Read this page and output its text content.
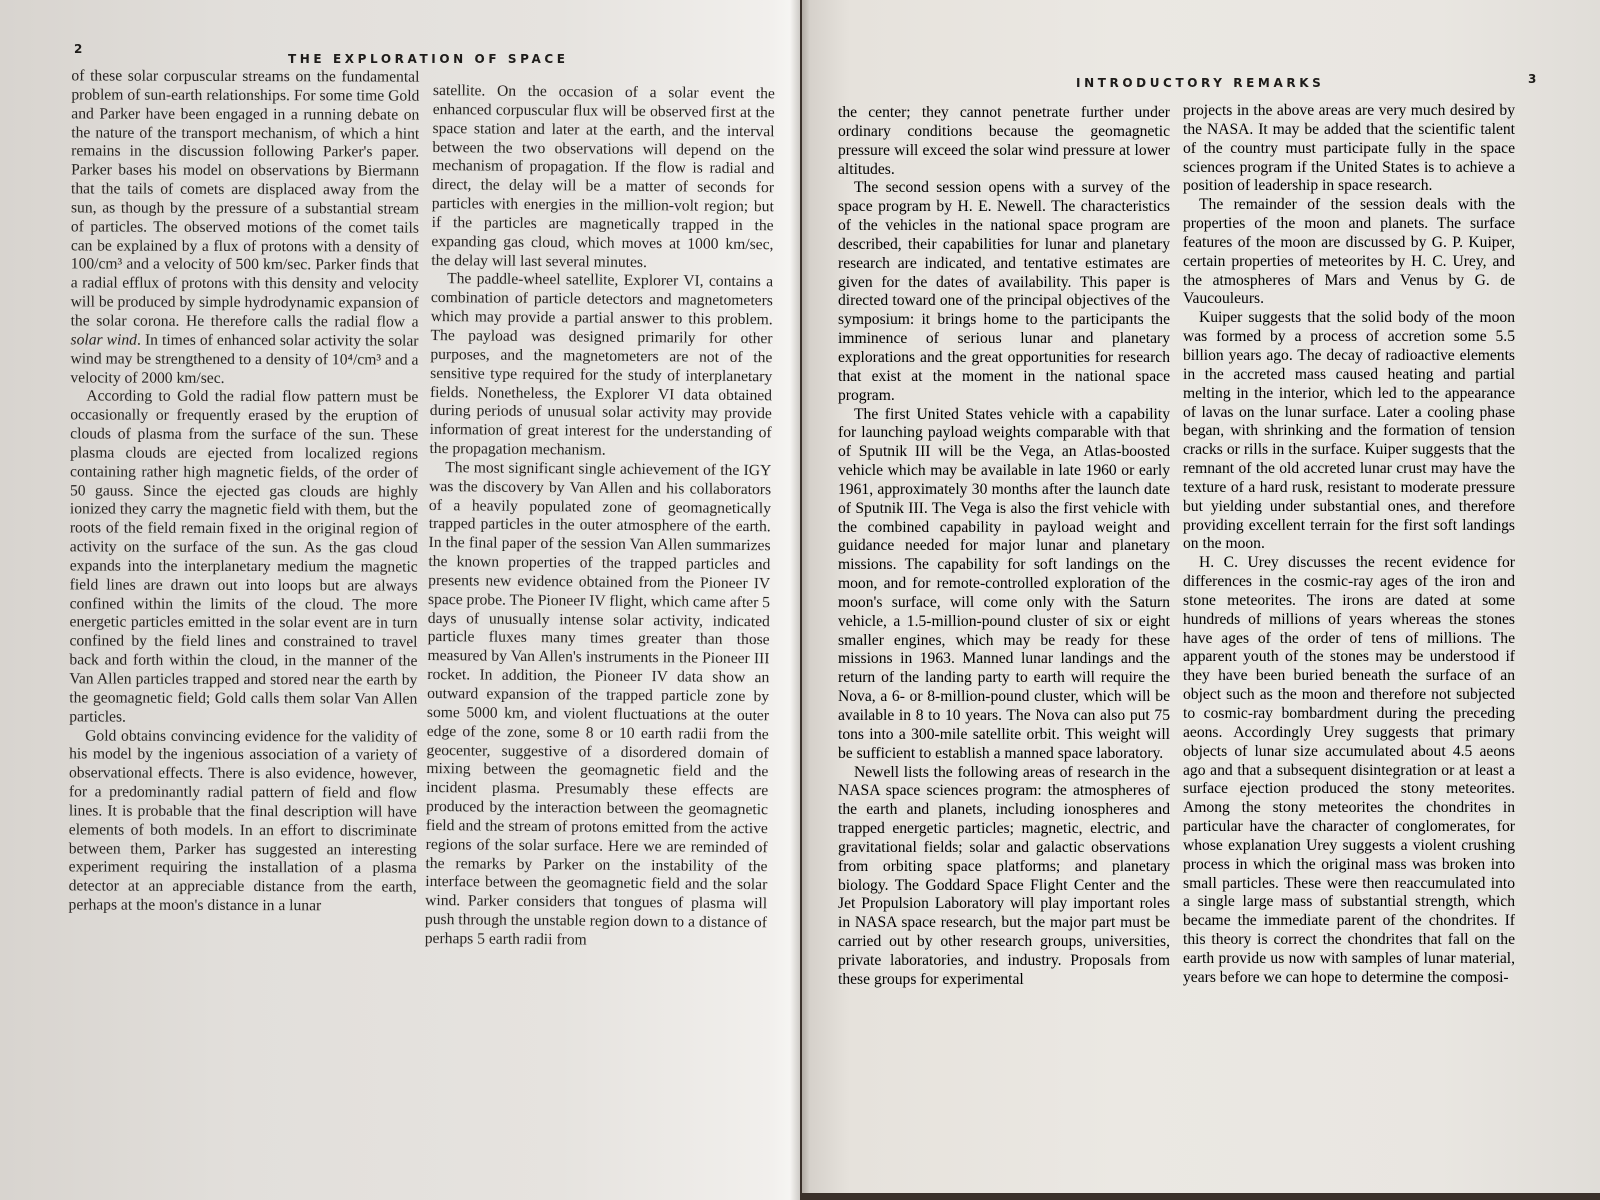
2
THE EXPLORATION OF SPACE

of these solar corpuscular streams on the fundamental problem of sun-earth relationships. For some time Gold and Parker have been engaged in a running debate on the nature of the transport mechanism, of which a hint remains in the discussion following Parker's paper. Parker bases his model on observations by Biermann that the tails of comets are displaced away from the sun, as though by the pressure of a substantial stream of particles. The observed motions of the comet tails can be explained by a flux of protons with a density of 100/cm³ and a velocity of 500 km/sec. Parker finds that a radial efflux of protons with this density and velocity will be produced by simple hydrodynamic expansion of the solar corona. He therefore calls the radial flow a solar wind. In times of enhanced solar activity the solar wind may be strengthened to a density of 10⁴/cm³ and a velocity of 2000 km/sec.

According to Gold the radial flow pattern must be occasionally or frequently erased by the eruption of clouds of plasma from the surface of the sun. These plasma clouds are ejected from localized regions containing rather high magnetic fields, of the order of 50 gauss. Since the ejected gas clouds are highly ionized they carry the magnetic field with them, but the roots of the field remain fixed in the original region of activity on the surface of the sun. As the gas cloud expands into the interplanetary medium the magnetic field lines are drawn out into loops but are always confined within the limits of the cloud. The more energetic particles emitted in the solar event are in turn confined by the field lines and constrained to travel back and forth within the cloud, in the manner of the Van Allen particles trapped and stored near the earth by the geomagnetic field; Gold calls them solar Van Allen particles.

Gold obtains convincing evidence for the validity of his model by the ingenious association of a variety of observational effects. There is also evidence, however, for a predominantly radial pattern of field and flow lines. It is probable that the final description will have elements of both models. In an effort to discriminate between them, Parker has suggested an interesting experiment requiring the installation of a plasma detector at an appreciable distance from the earth, perhaps at the moon's distance in a lunar

satellite. On the occasion of a solar event the enhanced corpuscular flux will be observed first at the space station and later at the earth, and the interval between the two observations will depend on the mechanism of propagation. If the flow is radial and direct, the delay will be a matter of seconds for particles with energies in the million-volt region; but if the particles are magnetically trapped in the expanding gas cloud, which moves at 1000 km/sec, the delay will last several minutes.

The paddle-wheel satellite, Explorer VI, contains a combination of particle detectors and magnetometers which may provide a partial answer to this problem. The payload was designed primarily for other purposes, and the magnetometers are not of the sensitive type required for the study of interplanetary fields. Nonetheless, the Explorer VI data obtained during periods of unusual solar activity may provide information of great interest for the understanding of the propagation mechanism.

The most significant single achievement of the IGY was the discovery by Van Allen and his collaborators of a heavily populated zone of geomagnetically trapped particles in the outer atmosphere of the earth. In the final paper of the session Van Allen summarizes the known properties of the trapped particles and presents new evidence obtained from the Pioneer IV space probe. The Pioneer IV flight, which came after 5 days of unusually intense solar activity, indicated particle fluxes many times greater than those measured by Van Allen's instruments in the Pioneer III rocket. In addition, the Pioneer IV data show an outward expansion of the trapped particle zone by some 5000 km, and violent fluctuations at the outer edge of the zone, some 8 or 10 earth radii from the geocenter, suggestive of a disordered domain of mixing between the geomagnetic field and the incident plasma. Presumably these effects are produced by the interaction between the geomagnetic field and the stream of protons emitted from the active regions of the solar surface. Here we are reminded of the remarks by Parker on the instability of the interface between the geomagnetic field and the solar wind. Parker considers that tongues of plasma will push through the unstable region down to a distance of perhaps 5 earth radii from

INTRODUCTORY REMARKS	3

the center; they cannot penetrate further under ordinary conditions because the geomagnetic pressure will exceed the solar wind pressure at lower altitudes.

The second session opens with a survey of the space program by H. E. Newell. The characteristics of the vehicles in the national space program are described, their capabilities for lunar and planetary research are indicated, and tentative estimates are given for the dates of availability. This paper is directed toward one of the principal objectives of the symposium: it brings home to the participants the imminence of serious lunar and planetary explorations and the great opportunities for research that exist at the moment in the national space program.

The first United States vehicle with a capability for launching payload weights comparable with that of Sputnik III will be the Vega, an Atlas-boosted vehicle which may be available in late 1960 or early 1961, approximately 30 months after the launch date of Sputnik III. The Vega is also the first vehicle with the combined capability in payload weight and guidance needed for major lunar and planetary missions. The capability for soft landings on the moon, and for remote-controlled exploration of the moon's surface, will come only with the Saturn vehicle, a 1.5-million-pound cluster of six or eight smaller engines, which may be ready for these missions in 1963. Manned lunar landings and the return of the landing party to earth will require the Nova, a 6- or 8-million-pound cluster, which will be available in 8 to 10 years. The Nova can also put 75 tons into a 300-mile satellite orbit. This weight will be sufficient to establish a manned space laboratory.

Newell lists the following areas of research in the NASA space sciences program: the atmospheres of the earth and planets, including ionospheres and trapped energetic particles; magnetic, electric, and gravitational fields; solar and galactic observations from orbiting space platforms; and planetary biology. The Goddard Space Flight Center and the Jet Propulsion Laboratory will play important roles in NASA space research, but the major part must be carried out by other research groups, universities, private laboratories, and industry. Proposals from these groups for experimental

projects in the above areas are very much desired by the NASA. It may be added that the scientific talent of the country must participate fully in the space sciences program if the United States is to achieve a position of leadership in space research.

The remainder of the session deals with the properties of the moon and planets. The surface features of the moon are discussed by G. P. Kuiper, certain properties of meteorites by H. C. Urey, and the atmospheres of Mars and Venus by G. de Vaucouleurs.

Kuiper suggests that the solid body of the moon was formed by a process of accretion some 5.5 billion years ago. The decay of radioactive elements in the accreted mass caused heating and partial melting in the interior, which led to the appearance of lavas on the lunar surface. Later a cooling phase began, with shrinking and the formation of tension cracks or rills in the surface. Kuiper suggests that the remnant of the old accreted lunar crust may have the texture of a hard rusk, resistant to moderate pressure but yielding under substantial ones, and therefore providing excellent terrain for the first soft landings on the moon.

H. C. Urey discusses the recent evidence for differences in the cosmic-ray ages of the iron and stone meteorites. The irons are dated at some hundreds of millions of years whereas the stones have ages of the order of tens of millions. The apparent youth of the stones may be understood if they have been buried beneath the surface of an object such as the moon and therefore not subjected to cosmic-ray bombardment during the preceding aeons. Accordingly Urey suggests that primary objects of lunar size accumulated about 4.5 aeons ago and that a subsequent disintegration or at least a surface ejection produced the stony meteorites. Among the stony meteorites the chondrites in particular have the character of conglomerates, for whose explanation Urey suggests a violent crushing process in which the original mass was broken into small particles. These were then reaccumulated into a single large mass of substantial strength, which became the immediate parent of the chondrites. If this theory is correct the chondrites that fall on the earth provide us now with samples of lunar material, years before we can hope to determine the composi-
